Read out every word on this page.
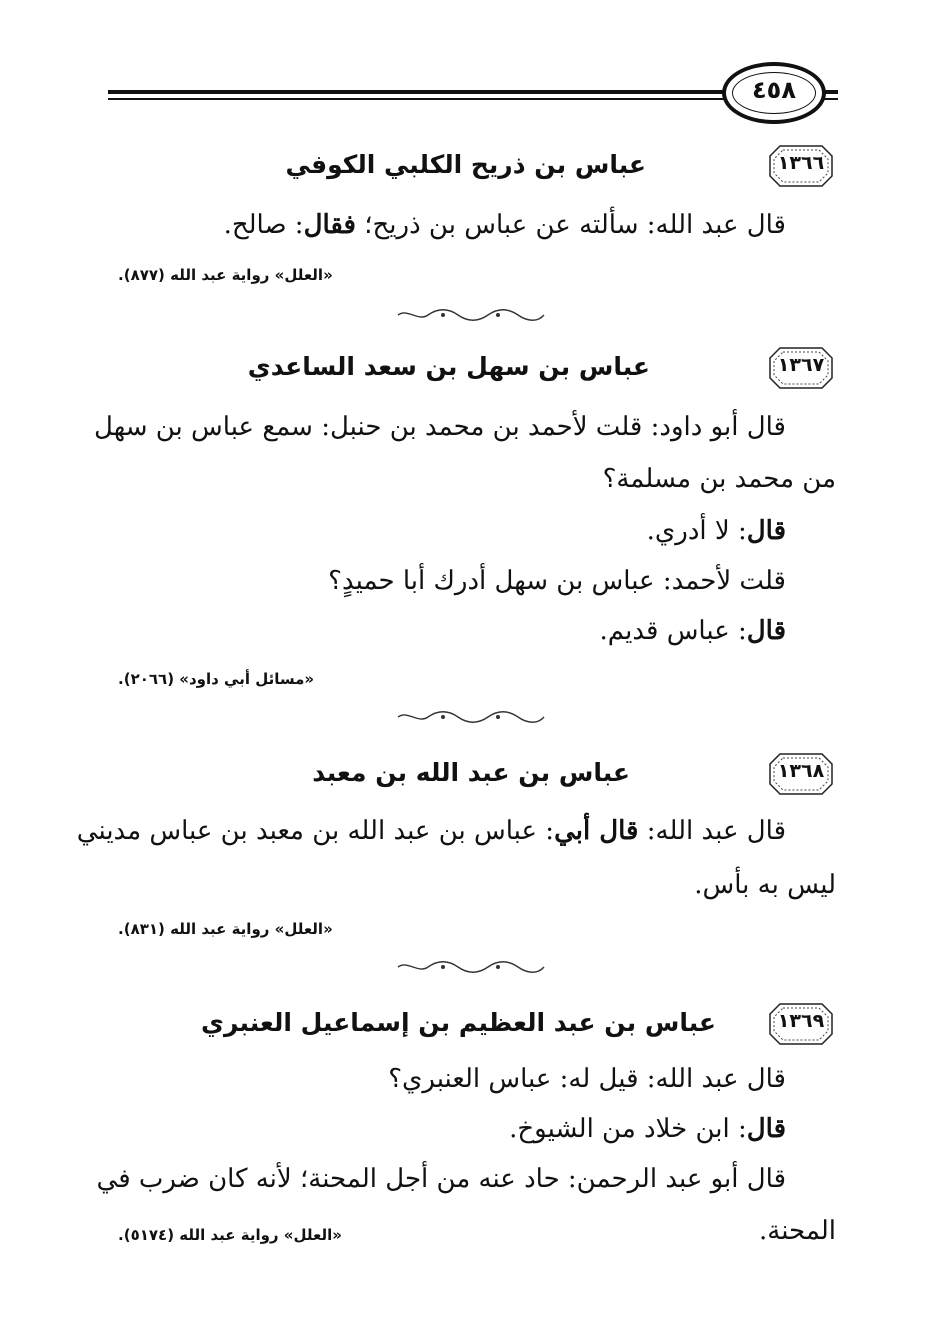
٤٥٨
١٣٦٦
عباس بن ذريح الكلبي الكوفي
قال عبد الله: سألته عن عباس بن ذريح؛ فقال: صالح.
«العلل» رواية عبد الله (٨٧٧).
١٣٦٧
عباس بن سهل بن سعد الساعدي
قال أبو داود: قلت لأحمد بن محمد بن حنبل: سمع عباس بن سهل
من محمد بن مسلمة؟
قال: لا أدري.
قلت لأحمد: عباس بن سهل أدرك أبا حميدٍ؟
قال: عباس قديم.
«مسائل أبي داود» (٢٠٦٦).
١٣٦٨
عباس بن عبد الله بن معبد
قال عبد الله: قال أبي: عباس بن عبد الله بن معبد بن عباس مديني
ليس به بأس.
«العلل» رواية عبد الله (٨٣١).
١٣٦٩
عباس بن عبد العظيم بن إسماعيل العنبري
قال عبد الله: قيل له: عباس العنبري؟
قال: ابن خلاد من الشيوخ.
قال أبو عبد الرحمن: حاد عنه من أجل المحنة؛ لأنه كان ضرب في
المحنة.
«العلل» رواية عبد الله (٥١٧٤).
